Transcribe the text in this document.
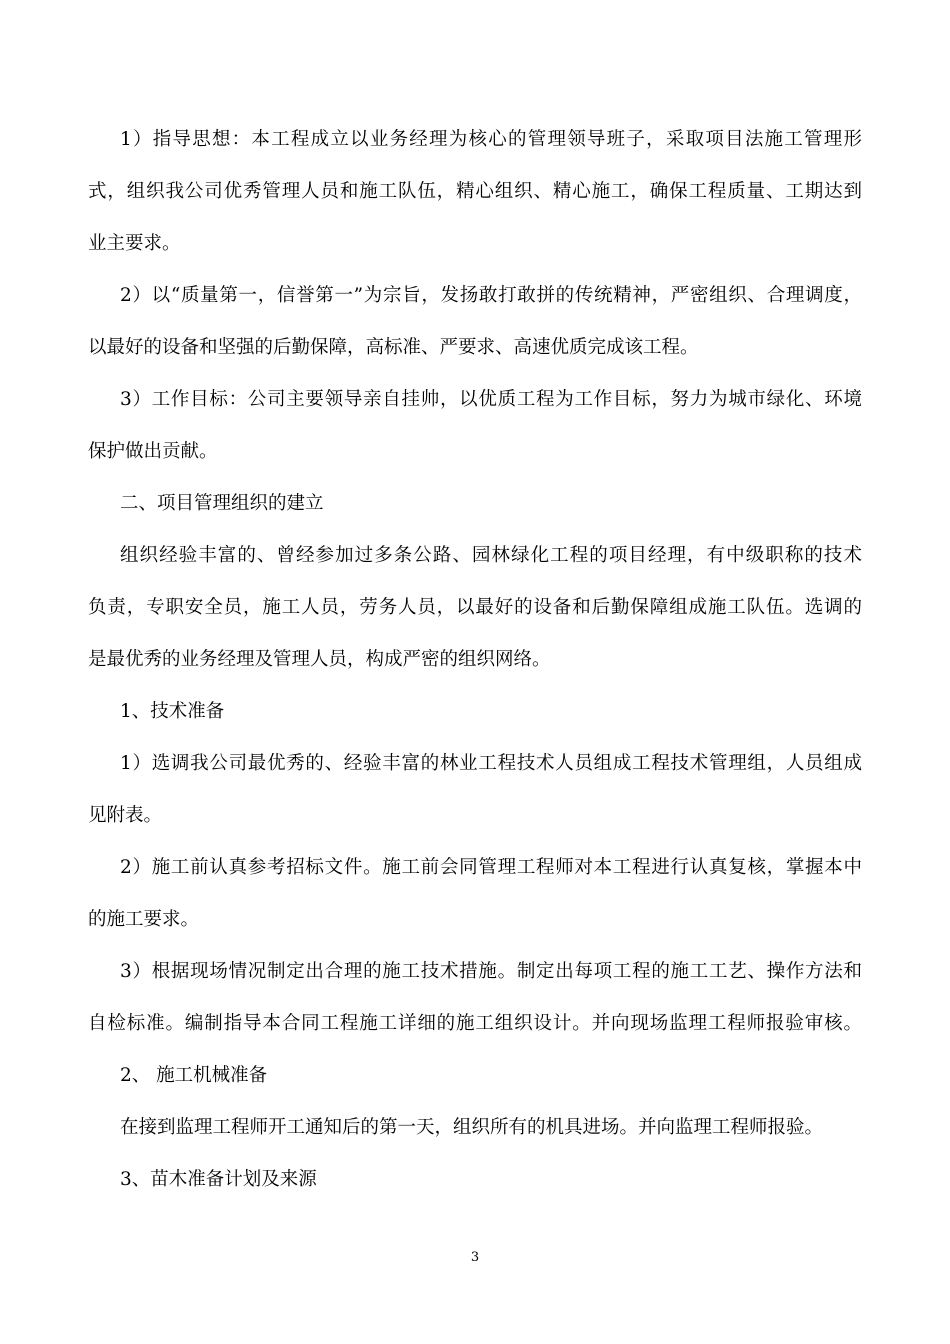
1）指导思想：本工程成立以业务经理为核心的管理领导班子，采取项目法施工管理形
式，组织我公司优秀管理人员和施工队伍，精心组织、精心施工，确保工程质量、工期达到
业主要求。
2）以“质量第一，信誉第一”为宗旨，发扬敢打敢拼的传统精神，严密组织、合理调度，
以最好的设备和坚强的后勤保障，高标准、严要求、高速优质完成该工程。
3）工作目标：公司主要领导亲自挂帅，以优质工程为工作目标，努力为城市绿化、环境
保护做出贡献。
二、项目管理组织的建立
组织经验丰富的、曾经参加过多条公路、园林绿化工程的项目经理，有中级职称的技术
负责，专职安全员，施工人员，劳务人员，以最好的设备和后勤保障组成施工队伍。选调的
是最优秀的业务经理及管理人员，构成严密的组织网络。
1、技术准备
1）选调我公司最优秀的、经验丰富的林业工程技术人员组成工程技术管理组，人员组成
见附表。
2）施工前认真参考招标文件。施工前会同管理工程师对本工程进行认真复核，掌握本中
的施工要求。
3）根据现场情况制定出合理的施工技术措施。制定出每项工程的施工工艺、操作方法和
自检标准。编制指导本合同工程施工详细的施工组织设计。并向现场监理工程师报验审核。
2、 施工机械准备
在接到监理工程师开工通知后的第一天，组织所有的机具进场。并向监理工程师报验。
3、苗木准备计划及来源
3
